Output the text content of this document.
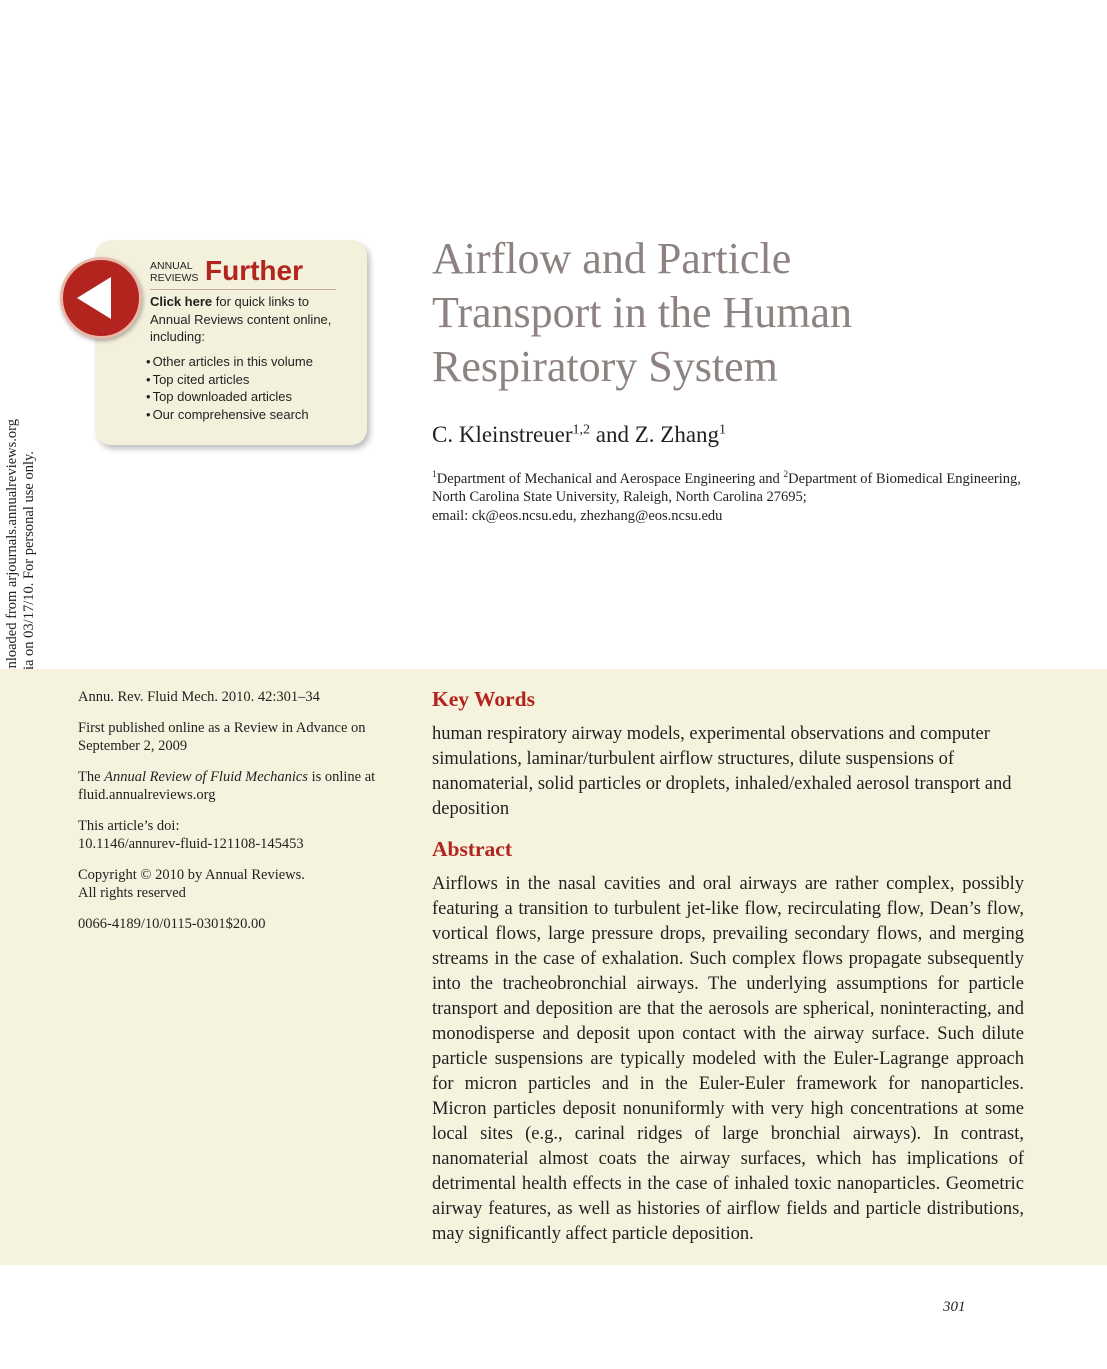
ANNUAL
REVIEWS Further
Click here for quick links to Annual Reviews content online, including:
• Other articles in this volume
• Top cited articles
• Top downloaded articles
• Our comprehensive search
Airflow and Particle
Transport in the Human
Respiratory System
C. Kleinstreuer$^{1,2}$ and Z. Zhang$^1$
$^1$Department of Mechanical and Aerospace Engineering and $^2$Department of Biomedical Engineering, North Carolina State University, Raleigh, North Carolina 27695;
email: ck@eos.ncsu.edu, zhezhang@eos.ncsu.edu

Annu. Rev. Fluid Mech. 2010. 42:301–34

First published online as a Review in Advance on September 2, 2009

The Annual Review of Fluid Mechanics is online at fluid.annualreviews.org

This article’s doi:
10.1146/annurev-fluid-121108-145453

Copyright © 2010 by Annual Reviews.
All rights reserved

0066-4189/10/0115-0301$20.00

Key Words

human respiratory airway models, experimental observations and computer simulations, laminar/turbulent airflow structures, dilute suspensions of nanomaterial, solid particles or droplets, inhaled/exhaled aerosol transport and deposition

Abstract

Airflows in the nasal cavities and oral airways are rather complex, possibly featuring a transition to turbulent jet-like flow, recirculating flow, Dean’s flow, vortical flows, large pressure drops, prevailing secondary flows, and merging streams in the case of exhalation. Such complex flows propagate subsequently into the tracheobronchial airways. The underlying assumptions for particle transport and deposition are that the aerosols are spherical, noninteracting, and monodisperse and deposit upon contact with the airway surface. Such dilute particle suspensions are typically modeled with the Euler-Lagrange approach for micron particles and in the Euler-Euler framework for nanoparticles. Micron particles deposit nonuniformly with very high concentrations at some local sites (e.g., carinal ridges of large bronchial airways). In contrast, nanomaterial almost coats the airway surfaces, which has implications of detrimental health effects in the case of inhaled toxic nanoparticles. Geometric airway features, as well as histories of airflow fields and particle distributions, may significantly affect particle deposition.

301
